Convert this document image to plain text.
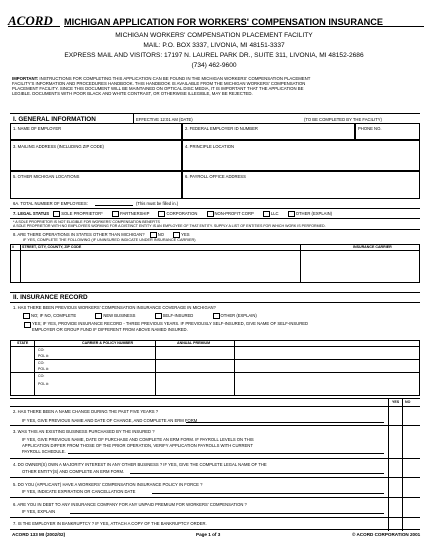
ACORD	MICHIGAN APPLICATION FOR WORKERS' COMPENSATION INSURANCE
MICHIGAN WORKERS' COMPENSATION PLACEMENT FACILITY
MAIL: P.O. BOX 3337, LIVONIA, MI 48151-3337
EXPRESS MAIL AND VISITORS: 17197 N. LAUREL PARK DR., SUITE 311, LIVONIA, MI 48152-2686
(734) 462-9600
IMPORTANT: INSTRUCTIONS FOR COMPLETING THIS APPLICATION CAN BE FOUND IN THE MICHIGAN WORKERS' COMPENSATION PLACEMENT
FACILITY'S INFORMATION AND PROCEDURES HANDBOOK. THIS HANDBOOK IS AVAILABLE FROM THE MICHIGAN WORKERS' COMPENSATION
PLACEMENT FACILITY. SINCE THIS DOCUMENT WILL BE MAINTAINED ON OPTICAL DISC MEDIA, IT IS IMPORTANT THAT THE APPLICATION BE
LEGIBLE. DOCUMENTS WITH POOR BLACK AND WHITE CONTRAST, OR OTHERWISE ILLEGIBLE, MAY BE REJECTED.
I. GENERAL INFORMATION	EFFECTIVE 12:01 AM (DATE)	(TO BE COMPLETED BY THE FACILITY)
1. NAME OF EMPLOYER	2. FEDERAL EMPLOYER ID NUMBER	PHONE NO.
3. MAILING ADDRESS (INCLUDING ZIP CODE)	4. PRINCIPLE LOCATION
5. OTHER MICHIGAN LOCATIONS	6. PAYROLL OFFICE ADDRESS
6A. TOTAL NUMBER OF EMPLOYEES:	(This must be filled in.)
7. LEGAL STATUS	SOLE PROPRIETOR*	PARTNERSHIP	CORPORATION	NON-PROFIT CORP	LLC	OTHER (EXPLAIN)
* A SOLE PROPRIETOR IS NOT ELIGIBLE FOR WORKERS' COMPENSATION BENEFITS
A SOLE PROPRIETOR WITH NO EMPLOYEES WORKING FOR A DISTINCT ENTITY IS AN EMPLOYEE OF THAT ENTITY. SUPPLY A LIST OF ENTITIES FOR WHICH WORK IS PERFORMED.
8. ARE THERE OPERATIONS IN STATES OTHER THAN MICHIGAN?	NO	YES
IF YES, COMPLETE THE FOLLOWING (IF UNINSURED INDICATE UNDER INSURANCE CARRIER)
# STREET, CITY, COUNTY, ZIP CODE	INSURANCE CARRIER
II. INSURANCE RECORD
1. HAS THERE BEEN PREVIOUS WORKERS' COMPENSATION INSURANCE COVERAGE IN MICHIGAN?
NO; IF NO, COMPLETE	NEW BUSINESS	SELF-INSURED	OTHER (EXPLAIN)
YES; IF YES, PROVIDE INSURANCE RECORD - THREE PREVIOUS YEARS. IF PREVIOUSLY SELF-INSURED, GIVE NAME OF SELF-INSURED
EMPLOYER OR GROUP FUND IF DIFFERENT FROM ABOVE NAMED INSURED.
STATE	CARRIER & POLICY NUMBER	ANNUAL PREMIUM
CO:
POL #:
CO:
POL #:
CO:
POL #:
YES NO
2. HAS THERE BEEN A NAME CHANGE DURING THE PAST FIVE YEARS ?
IF YES, GIVE PREVIOUS NAME AND DATE OF CHANGE, AND COMPLETE AN ERM FORM
3. WAS THIS AN EXISTING BUSINESS PURCHASED BY THE INSURED ?
IF YES, GIVE PREVIOUS NAME, DATE OF PURCHASE AND COMPLETE AN ERM FORM. IF PAYROLL LEVELS ON THIS
APPLICATION DIFFER FROM THOSE OF THE PRIOR OPERATION, VERIFY APPLICATION PAYROLLS WITH CURRENT
PAYROLL SCHEDULE.
4. DO OWNER(S) OWN A MAJORITY INTEREST IN ANY OTHER BUSINESS ? IF YES, GIVE THE COMPLETE LEGAL NAME OF THE
OTHER ENTITY(S) AND COMPLETE AN ERM FORM.
5. DO YOU (APPLICANT) HAVE A WORKERS' COMPENSATION INSURANCE POLICY IN FORCE ?
IF YES, INDICATE EXPIRATION OR CANCELLATION DATE
6. ARE YOU IN DEBT TO ANY INSURANCE COMPANY FOR ANY UNPAID PREMIUM FOR WORKERS' COMPENSATION ?
IF YES, EXPLAIN
7. IS THE EMPLOYER IN BANKRUPTCY ? IF YES, ATTACH A COPY OF THE BANKRUPTCY ORDER.
ACORD 133 MI (2002/02)	Page 1 of 3	© ACORD CORPORATION 2001
